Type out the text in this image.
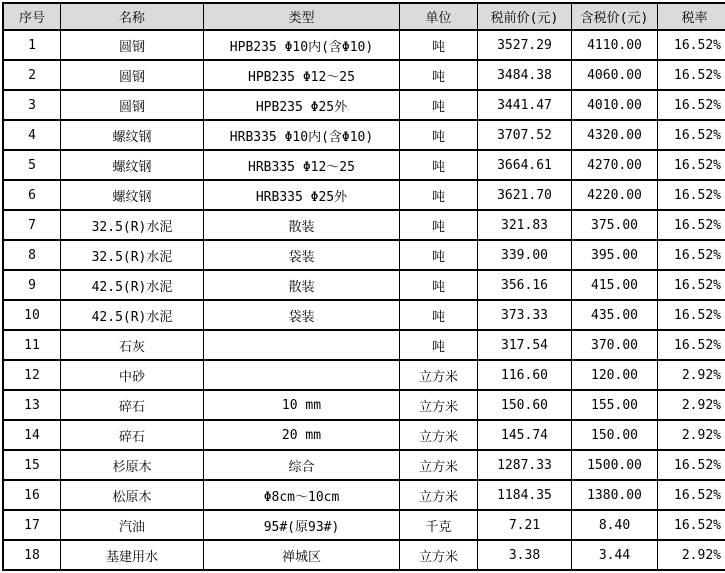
序号	名称	类型	单位	税前价(元)	含税价(元)	税率
1	圆钢	HPB235 Φ10内(含Φ10)	吨	3527.29	4110.00	16.52%
2	圆钢	HPB235 Φ12～25	吨	3484.38	4060.00	16.52%
3	圆钢	HPB235 Φ25外	吨	3441.47	4010.00	16.52%
4	螺纹钢	HRB335 Φ10内(含Φ10)	吨	3707.52	4320.00	16.52%
5	螺纹钢	HRB335 Φ12～25	吨	3664.61	4270.00	16.52%
6	螺纹钢	HRB335 Φ25外	吨	3621.70	4220.00	16.52%
7	32.5(R)水泥	散装	吨	321.83	375.00	16.52%
8	32.5(R)水泥	袋装	吨	339.00	395.00	16.52%
9	42.5(R)水泥	散装	吨	356.16	415.00	16.52%
10	42.5(R)水泥	袋装	吨	373.33	435.00	16.52%
11	石灰		吨	317.54	370.00	16.52%
12	中砂		立方米	116.60	120.00	2.92%
13	碎石	10 mm	立方米	150.60	155.00	2.92%
14	碎石	20 mm	立方米	145.74	150.00	2.92%
15	杉原木	综合	立方米	1287.33	1500.00	16.52%
16	松原木	Φ8cm～10cm	立方米	1184.35	1380.00	16.52%
17	汽油	95#(原93#)	千克	7.21	8.40	16.52%
18	基建用水	禅城区	立方米	3.38	3.44	2.92%
